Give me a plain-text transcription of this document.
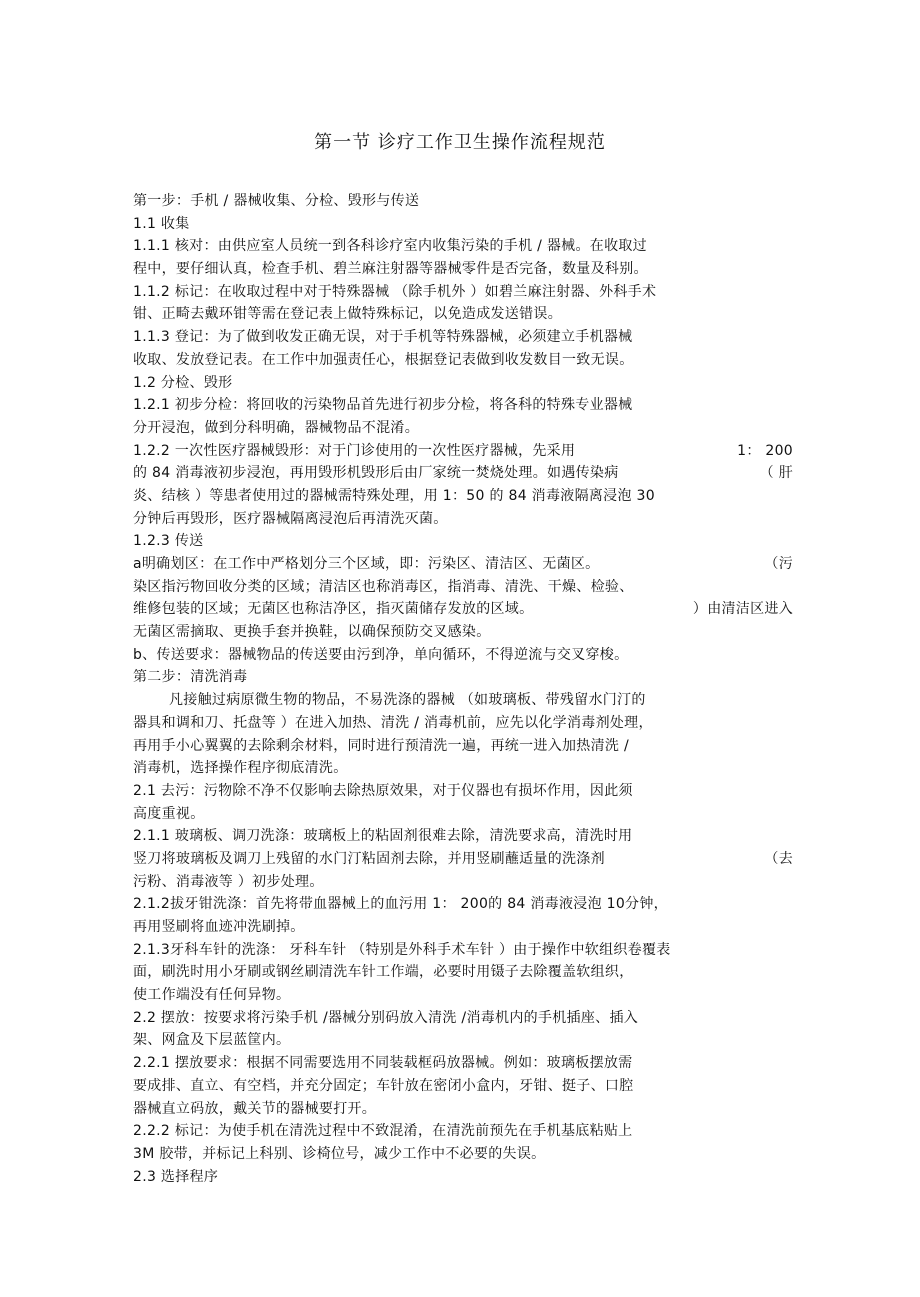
第一节 诊疗工作卫生操作流程规范
第一步：手机 / 器械收集、分检、毁形与传送
1.1 收集
1.1.1 核对：由供应室人员统一到各科诊疗室内收集污染的手机 / 器械。在收取过
程中，要仔细认真，检查手机、碧兰麻注射器等器械零件是否完备，数量及科别。
1.1.2 标记：在收取过程中对于特殊器械 （除手机外 ）如碧兰麻注射器、外科手术
钳、正畸去戴环钳等需在登记表上做特殊标记，以免造成发送错误。
1.1.3 登记：为了做到收发正确无误，对于手机等特殊器械，必须建立手机器械
收取、发放登记表。在工作中加强责任心，根据登记表做到收发数目一致无误。
1.2 分检、毁形
1.2.1 初步分检：将回收的污染物品首先进行初步分检，将各科的特殊专业器械
分开浸泡，做到分科明确，器械物品不混淆。
1.2.2 一次性医疗器械毁形：对于门诊使用的一次性医疗器械，先采用	1： 200
的 84 消毒液初步浸泡，再用毁形机毁形后由厂家统一焚烧处理。如遇传染病	（ 肝
炎、结核 ）等患者使用过的器械需特殊处理，用 1：50 的 84 消毒液隔离浸泡 30
分钟后再毁形，医疗器械隔离浸泡后再清洗灭菌。
1.2.3 传送
a明确划区：在工作中严格划分三个区域，即：污染区、清洁区、无菌区。	（污
染区指污物回收分类的区域；清洁区也称消毒区，指消毒、清洗、干燥、检验、
维修包装的区域；无菌区也称洁净区，指灭菌储存发放的区域。	）由清洁区进入
无菌区需摘取、更换手套并换鞋，以确保预防交叉感染。
b、传送要求：器械物品的传送要由污到净，单向循环，不得逆流与交叉穿梭。
第二步：清洗消毒
凡接触过病原微生物的物品，不易洗涤的器械 （如玻璃板、带残留水门汀的
器具和调和刀、托盘等 ）在进入加热、清洗 / 消毒机前，应先以化学消毒剂处理，
再用手小心翼翼的去除剩余材料，同时进行预清洗一遍，再统一进入加热清洗 /
消毒机，选择操作程序彻底清洗。
2.1 去污：污物除不净不仅影响去除热原效果，对于仪器也有损坏作用，因此须
高度重视。
2.1.1 玻璃板、调刀洗涤：玻璃板上的粘固剂很难去除，清洗要求高，清洗时用
竖刀将玻璃板及调刀上残留的水门汀粘固剂去除，并用竖刷蘸适量的洗涤剂	（去
污粉、消毒液等 ）初步处理。
2.1.2拔牙钳洗涤：首先将带血器械上的血污用 1： 200的 84 消毒液浸泡 10分钟，
再用竖刷将血迹冲洗刷掉。
2.1.3牙科车针的洗涤： 牙科车针 （特别是外科手术车针 ）由于操作中软组织卷覆表
面，刷洗时用小牙刷或钢丝刷清洗车针工作端，必要时用镊子去除覆盖软组织，
使工作端没有任何异物。
2.2 摆放：按要求将污染手机 /器械分别码放入清洗 /消毒机内的手机插座、插入
架、网盒及下层蓝筐内。
2.2.1 摆放要求：根据不同需要选用不同装载框码放器械。例如：玻璃板摆放需
要成排、直立、有空档，并充分固定；车针放在密闭小盒内，牙钳、挺子、口腔
器械直立码放，戴关节的器械要打开。
2.2.2 标记：为使手机在清洗过程中不致混淆，在清洗前预先在手机基底粘贴上
3M 胶带，并标记上科别、诊椅位号，减少工作中不必要的失误。
2.3 选择程序
